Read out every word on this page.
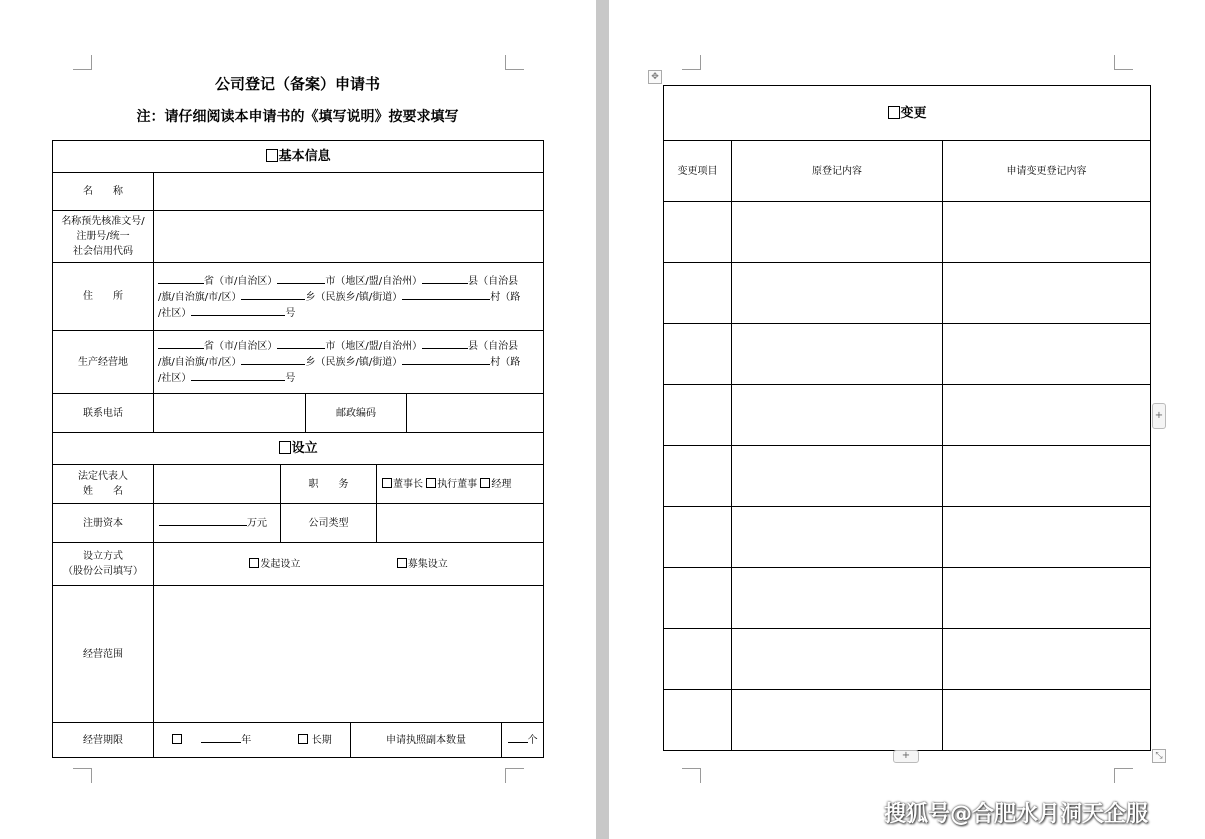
公司登记（备案）申请书
注：请仔细阅读本申请书的《填写说明》按要求填写
基本信息							
名　　称							
名称预先核准文号/
注册号/统一
社会信用代码							
住　　所	省（市/自治区） 市（地区/盟/自治州） 县（自治县
/旗/自治旗/市/区） 乡（民族乡/镇/街道） 村（路
/社区） 号						
生产经营地	省（市/自治区） 市（地区/盟/自治州） 县（自治县
/旗/自治旗/市/区） 乡（民族乡/镇/街道） 村（路
/社区） 号						
联系电话			邮政编码				
设立							
法定代表人
姓　　名		职　　务			董事长 执行董事 经理		
注册资本	万元	公司类型					
设立方式
（股份公司填写）	发起设立 募集设立						
经营范围							
经营期限	年 长期			申请执照副本数量			个
✥
变更		
变更项目	原登记内容	申请变更登记内容

+
+	⤡
搜狐号@合肥水月洞天企服
